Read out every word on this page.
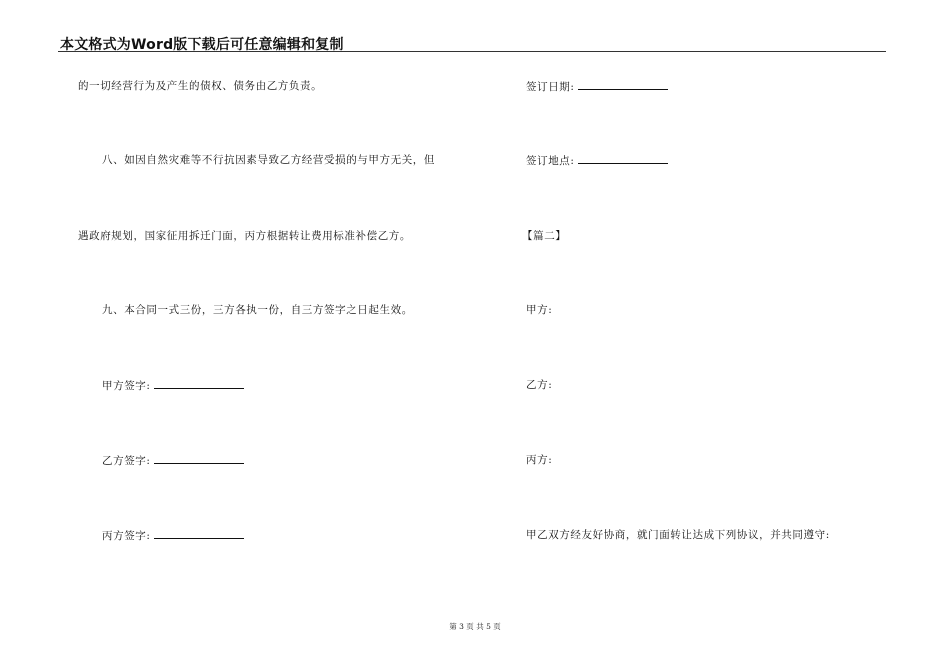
本文格式为Word版下载后可任意编辑和复制
的一切经营行为及产生的债权、债务由乙方负责。
八、如因自然灾难等不行抗因素导致乙方经营受损的与甲方无关，但
遇政府规划，国家征用拆迁门面，丙方根据转让费用标准补偿乙方。
九、本合同一式三份，三方各执一份，自三方签字之日起生效。
甲方签字:
乙方签字:
丙方签字:
签订日期:
签订地点:
【篇二】
甲方:
乙方:
丙方:
甲乙双方经友好协商，就门面转让达成下列协议，并共同遵守:
第 3 页 共 5 页
